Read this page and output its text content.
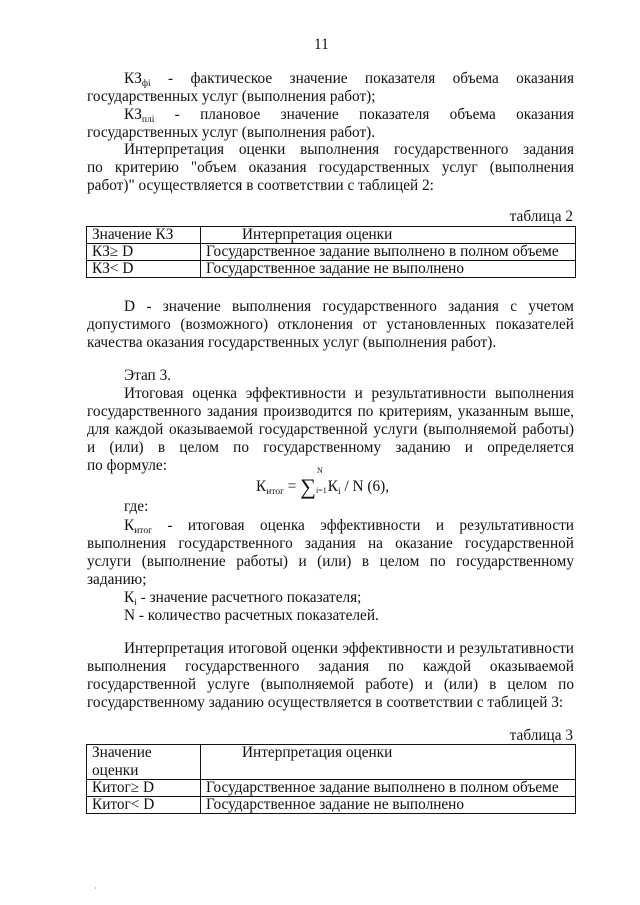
11
$КЗ_{фi}$ - фактическое значение показателя объема оказания
государственных услуг (выполнения работ);
$КЗ_{плi}$ - плановое значение показателя объема оказания
государственных услуг (выполнения работ).
Интерпретация оценки выполнения государственного задания
по критерию "объем оказания государственных услуг (выполнения
работ)" осуществляется в соответствии с таблицей 2:
таблица 2
Значение КЗ	Интерпретация оценки
КЗ≥ D	Государственное задание выполнено в полном объеме
КЗ< D	Государственное задание не выполнено
D - значение выполнения государственного задания с учетом
допустимого (возможного) отклонения от установленных показателей
качества оказания государственных услуг (выполнения работ).
Этап 3.
Итоговая оценка эффективности и результативности выполнения
государственного задания производится по критериям, указанным выше,
для каждой оказываемой государственной услуги (выполняемой работы)
и (или) в целом по государственному заданию и определяется
по формуле:
$К_{итог}$ = ∑
N
i=1 $К_i$ / N (6),
где:
$К_{итог}$ - итоговая оценка эффективности и результативности
выполнения государственного задания на оказание государственной
услуги (выполнение работы) и (или) в целом по государственному
заданию;
$К_i$ - значение расчетного показателя;
N - количество расчетных показателей.
Интерпретация итоговой оценки эффективности и результативности
выполнения государственного задания по каждой оказываемой
государственной услуге (выполняемой работе) и (или) в целом по
государственному заданию осуществляется в соответствии с таблицей 3:
таблица 3
Значение
оценки	Интерпретация оценки
Китог≥ D	Государственное задание выполнено в полном объеме
Китог< D	Государственное задание не выполнено
·
